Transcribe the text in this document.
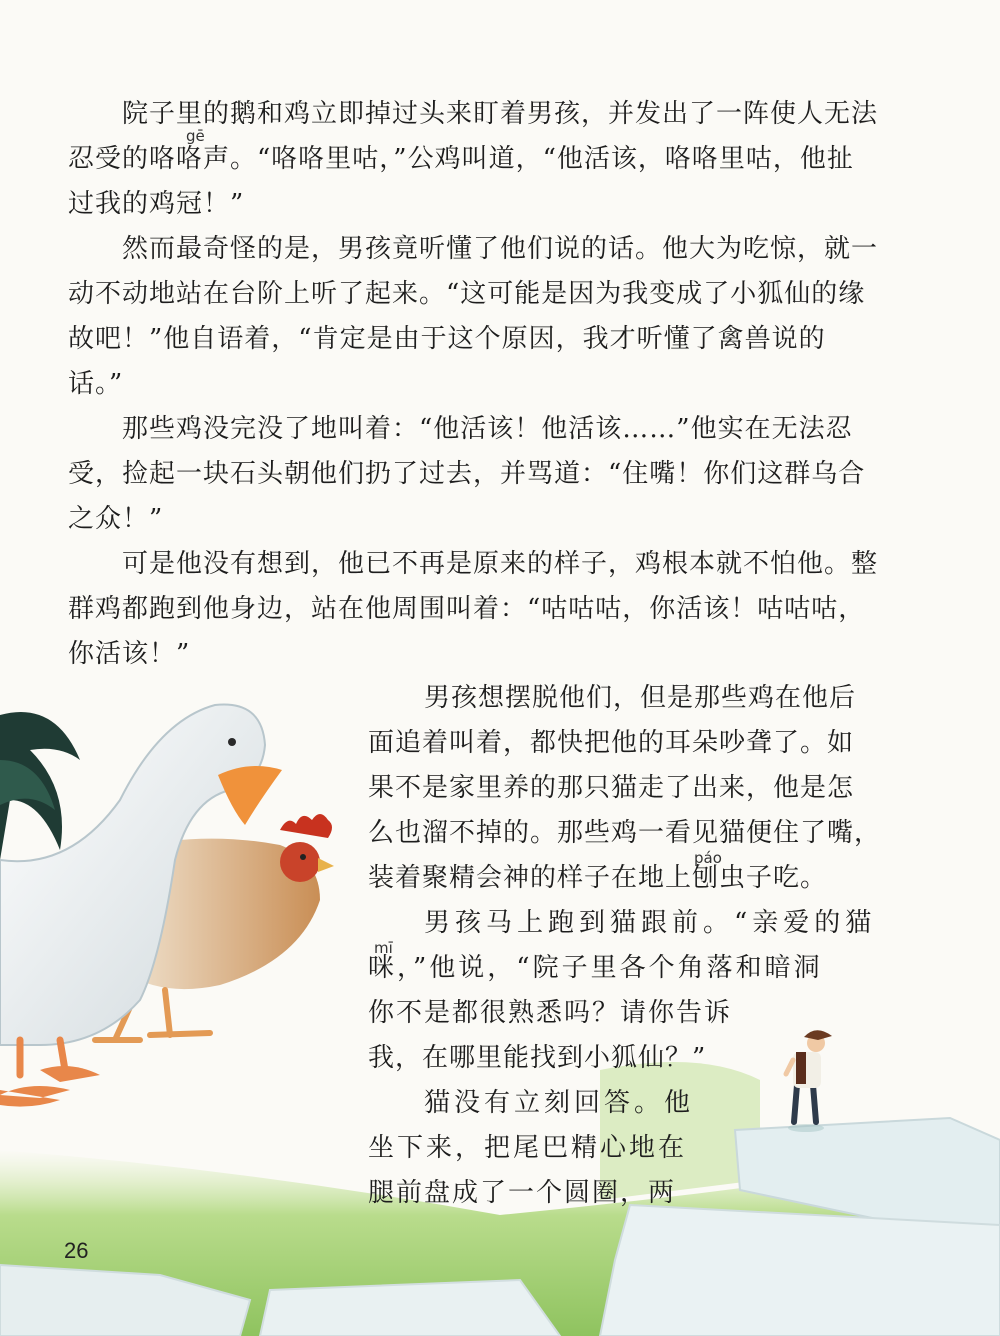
院子里的鹅和鸡立即掉过头来盯着男孩，并发出了一阵使人无法忍受的咯咯声。“咯咯里咕，”公鸡叫道，“他活该，咯咯里咕，他扯过我的鸡冠！”

然而最奇怪的是，男孩竟听懂了他们说的话。他大为吃惊，就一动不动地站在台阶上听了起来。“这可能是因为我变成了小狐仙的缘故吧！”他自语着，“肯定是由于这个原因，我才听懂了禽兽说的话。”

那些鸡没完没了地叫着：“他活该！他活该……”他实在无法忍受，捡起一块石头朝他们扔了过去，并骂道：“住嘴！你们这群乌合之众！”

可是他没有想到，他已不再是原来的样子，鸡根本就不怕他。整群鸡都跑到他身边，站在他周围叫着：“咕咕咕，你活该！咕咕咕，你活该！”

gē
男孩想摆脱他们，但是那些鸡在他后
面追着叫着，都快把他的耳朵吵聋了。如
果不是家里养的那只猫走了出来，他是怎
么也溜不掉的。那些鸡一看见猫便住了嘴，
装着聚精会神的样子在地上刨虫子吃。
男孩马上跑到猫跟前。“亲爱的猫
咪，”他说，“院子里各个角落和暗洞
你不是都很熟悉吗？请你告诉
我，在哪里能找到小狐仙？”
猫没有立刻回答。他
坐下来，把尾巴精心地在
腿前盘成了一个圆圈，两
páo
mī
26
